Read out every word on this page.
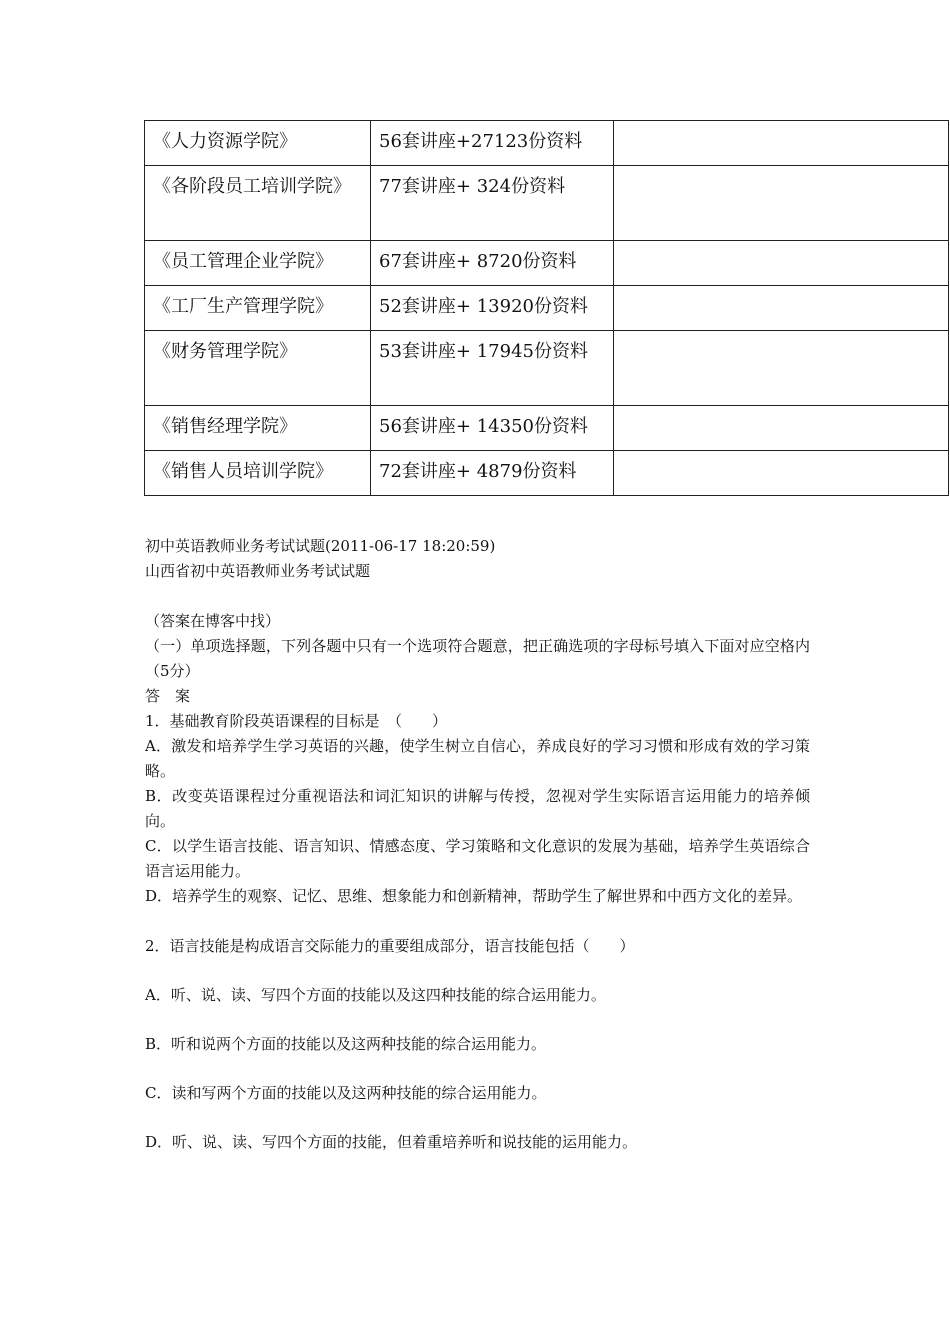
《人力资源学院》	56套讲座+27123份资料	
《各阶段员工培训学院》	77套讲座+ 324份资料	
《员工管理企业学院》	67套讲座+ 8720份资料	
《工厂生产管理学院》	52套讲座+ 13920份资料	
《财务管理学院》	53套讲座+ 17945份资料	
《销售经理学院》	56套讲座+ 14350份资料	
《销售人员培训学院》	72套讲座+ 4879份资料	

初中英语教师业务考试试题(2011-06-17 18:20:59)

山西省初中英语教师业务考试试题

（答案在博客中找）

（一）单项选择题，下列各题中只有一个选项符合题意，把正确选项的字母标号填入下面对应空格内（5分）

答　案

1．基础教育阶段英语课程的目标是　（　　）

A．激发和培养学生学习英语的兴趣，使学生树立自信心，养成良好的学习习惯和形成有效的学习策略。

B．改变英语课程过分重视语法和词汇知识的讲解与传授，忽视对学生实际语言运用能力的培养倾向。

C．以学生语言技能、语言知识、情感态度、学习策略和文化意识的发展为基础，培养学生英语综合语言运用能力。

D．培养学生的观察、记忆、思维、想象能力和创新精神，帮助学生了解世界和中西方文化的差异。

2．语言技能是构成语言交际能力的重要组成部分，语言技能包括（　　）

A．听、说、读、写四个方面的技能以及这四种技能的综合运用能力。

B．听和说两个方面的技能以及这两种技能的综合运用能力。

C．读和写两个方面的技能以及这两种技能的综合运用能力。

D．听、说、读、写四个方面的技能，但着重培养听和说技能的运用能力。
